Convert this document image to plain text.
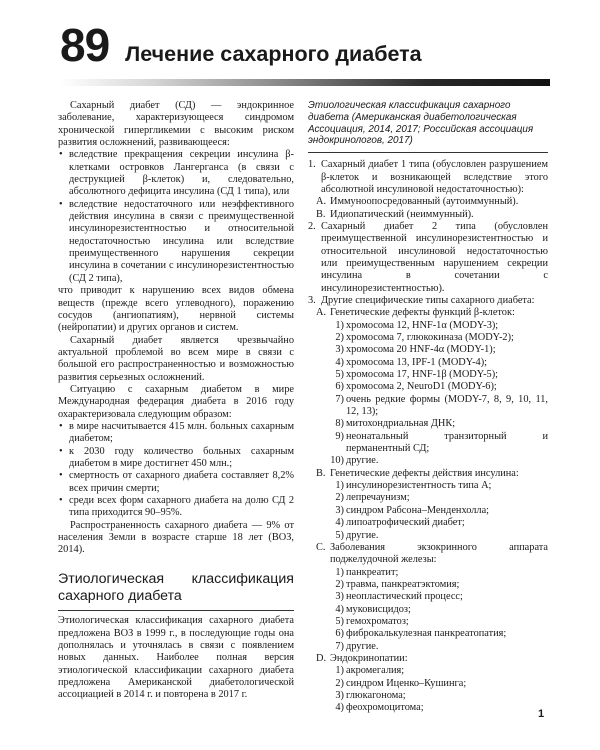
89 Лечение сахарного диабета

Сахарный диабет (СД) — эндокринное заболевание, характеризующееся синдромом хронической гипергликемии с высоким риском развития осложнений, развивающееся:

• вследствие прекращения секреции инсулина β-клетками островков Лангерганса (в связи с деструкцией β-клеток) и, следовательно, абсолютного дефицита инсулина (СД 1 типа), или
• вследствие недостаточного или неэффективного действия инсулина в связи с преимущественной инсулинорезистентностью и относительной недостаточностью инсулина или вследствие преимущественного нарушения секреции инсулина в сочетании с инсулинорезистентностью (СД 2 типа),

что приводит к нарушению всех видов обмена веществ (прежде всего углеводного), поражению сосудов (ангиопатиям), нервной системы (нейропатии) и других органов и систем.

Сахарный диабет является чрезвычайно актуальной проблемой во всем мире в связи с большой его распространенностью и возможностью развития серьезных осложнений.

Ситуацию с сахарным диабетом в мире Международная федерация диабета в 2016 году охарактеризовала следующим образом:

• в мире насчитывается 415 млн. больных сахарным диабетом;
• к 2030 году количество больных сахарным диабетом в мире достигнет 450 млн.;
• смертность от сахарного диабета составляет 8,2% всех причин смерти;
• среди всех форм сахарного диабета на долю СД 2 типа приходится 90–95%.

Распространенность сахарного диабета — 9% от населения Земли в возрасте старше 18 лет (ВОЗ, 2014).

Этиологическая классификация сахарного диабета

Этиологическая классификация сахарного диабета предложена ВОЗ в 1999 г., в последующие годы она дополнялась и уточнялась в связи с появлением новых данных. Наиболее полная версия этиологической классификации сахарного диабета предложена Американской диабетологической ассоциацией в 2014 г. и повторена в 2017 г.

Этиологическая классификация сахарного диабета (Американская диабетологическая Ассоциация, 2014, 2017; Российская ассоциация эндокринологов, 2017)
1. Сахарный диабет 1 типа (обусловлен разрушением β-клеток и возникающей вследствие этого абсолютной инсулиновой недостаточностью):
А. Иммуноопосредованный (аутоиммунный).
В. Идиопатический (неиммунный).
2. Сахарный диабет 2 типа (обусловлен преимущественной инсулинорезистентностью и относительной инсулиновой недостаточностью или преимущественным нарушением секреции инсулина в сочетании с инсулинорезистентностью).
3. Другие специфические типы сахарного диабета:
А. Генетические дефекты функций β-клеток:
1) хромосома 12, HNF-1α (MODY-3);
2) хромосома 7, глюкокиназа (MODY-2);
3) хромосома 20 HNF-4α (MODY-1);
4) хромосома 13, IPF-1 (MODY-4);
5) хромосома 17, HNF-1β (MODY-5);
6) хромосома 2, NeuroD1 (MODY-6);
7) очень редкие формы (MODY-7, 8, 9, 10, 11, 12, 13);
8) митохондриальная ДНК;
9) неонатальный транзиторный и перманентный СД;
10) другие.
В. Генетические дефекты действия инсулина:
1) инсулинорезистентность типа А;
2) лепречаунизм;
3) синдром Рабсона–Менденхолла;
4) липоатрофический диабет;
5) другие.
С. Заболевания экзокринного аппарата поджелудочной железы:
1) панкреатит;
2) травма, панкреатэктомия;
3) неопластический процесс;
4) муковисцидоз;
5) гемохроматоз;
6) фиброкалькулезная панкреатопатия;
7) другие.
D. Эндокринопатии:
1) акромегалия;
2) синдром Иценко–Кушинга;
3) глюкагонома;
4) феохромоцитома;
1
